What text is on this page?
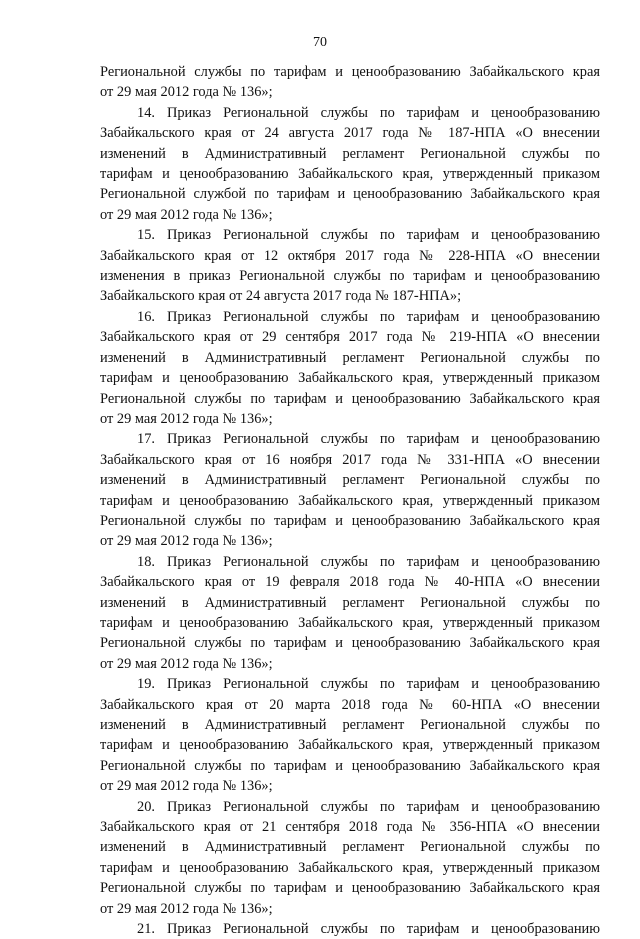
70
Региональной службы по тарифам и ценообразованию Забайкальского края
от 29 мая 2012 года № 136»;
14. Приказ Региональной службы по тарифам и ценообразованию
Забайкальского края от 24 августа 2017 года № 187-НПА «О внесении
изменений в Административный регламент Региональной службы по
тарифам и ценообразованию Забайкальского края, утвержденный приказом
Региональной службой по тарифам и ценообразованию Забайкальского края
от 29 мая 2012 года № 136»;
15. Приказ Региональной службы по тарифам и ценообразованию
Забайкальского края от 12 октября 2017 года № 228-НПА «О внесении
изменения в приказ Региональной службы по тарифам и ценообразованию
Забайкальского края от 24 августа 2017 года № 187-НПА»;
16. Приказ Региональной службы по тарифам и ценообразованию
Забайкальского края от 29 сентября 2017 года № 219-НПА «О внесении
изменений в Административный регламент Региональной службы по
тарифам и ценообразованию Забайкальского края, утвержденный приказом
Региональной службы по тарифам и ценообразованию Забайкальского края
от 29 мая 2012 года № 136»;
17. Приказ Региональной службы по тарифам и ценообразованию
Забайкальского края от 16 ноября 2017 года № 331-НПА «О внесении
изменений в Административный регламент Региональной службы по
тарифам и ценообразованию Забайкальского края, утвержденный приказом
Региональной службы по тарифам и ценообразованию Забайкальского края
от 29 мая 2012 года № 136»;
18. Приказ Региональной службы по тарифам и ценообразованию
Забайкальского края от 19 февраля 2018 года № 40-НПА «О внесении
изменений в Административный регламент Региональной службы по
тарифам и ценообразованию Забайкальского края, утвержденный приказом
Региональной службы по тарифам и ценообразованию Забайкальского края
от 29 мая 2012 года № 136»;
19. Приказ Региональной службы по тарифам и ценообразованию
Забайкальского края от 20 марта 2018 года № 60-НПА «О внесении
изменений в Административный регламент Региональной службы по
тарифам и ценообразованию Забайкальского края, утвержденный приказом
Региональной службы по тарифам и ценообразованию Забайкальского края
от 29 мая 2012 года № 136»;
20. Приказ Региональной службы по тарифам и ценообразованию
Забайкальского края от 21 сентября 2018 года № 356-НПА «О внесении
изменений в Административный регламент Региональной службы по
тарифам и ценообразованию Забайкальского края, утвержденный приказом
Региональной службы по тарифам и ценообразованию Забайкальского края
от 29 мая 2012 года № 136»;
21. Приказ Региональной службы по тарифам и ценообразованию
